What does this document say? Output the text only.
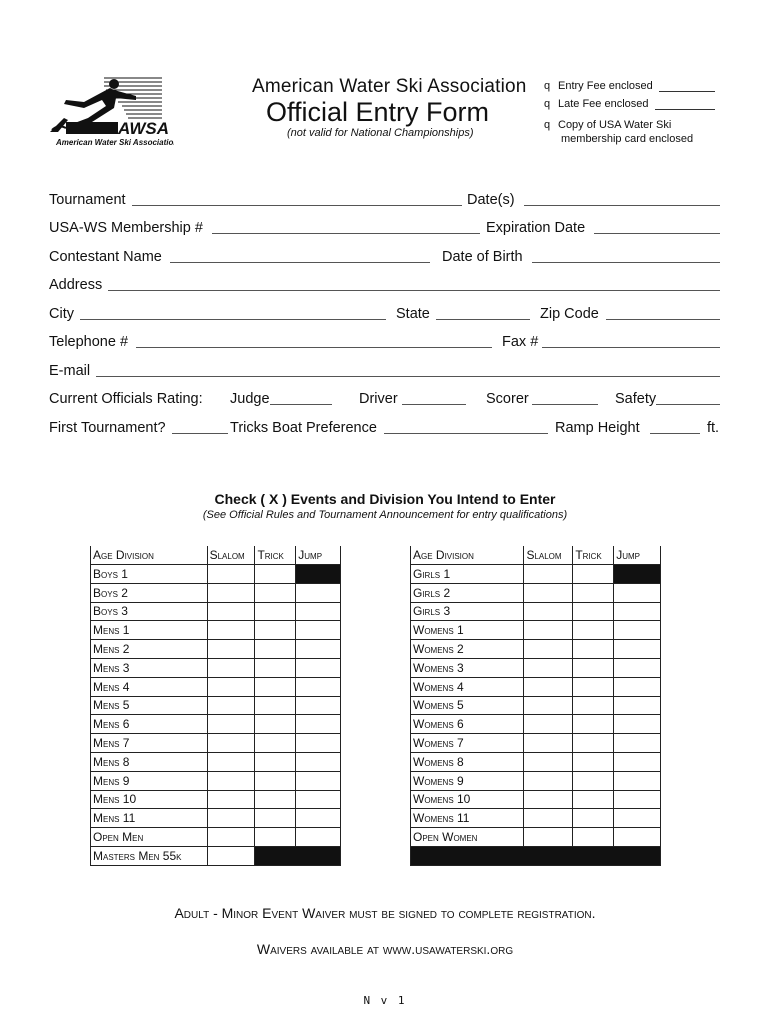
AWSA
American Water Ski Association
American Water Ski Association
Official Entry Form
(not valid for National Championships)
q Entry Fee enclosed
q Late Fee enclosed
q Copy of USA Water Ski
membership card enclosed
Tournament	Date(s)
USA-WS Membership #	Expiration Date
Contestant Name	Date of Birth
Address
City	State	Zip Code
Telephone #	Fax #
E-mail
Current Officials Rating: Judge	Driver	Scorer	Safety
First Tournament?	Tricks Boat Preference	Ramp Height	ft.
Check ( X ) Events and Division You Intend to Enter
(See Official Rules and Tournament Announcement for entry qualifications)
Age Division	Slalom	Trick	Jump
Boys 1			
Boys 2			
Boys 3			
Mens 1			
Mens 2			
Mens 3			
Mens 4			
Mens 5			
Mens 6			
Mens 7			
Mens 8			
Mens 9			
Mens 10			
Mens 11			
Open Men			
Masters Men 55k			
Age Division	Slalom	Trick	Jump
Girls 1			
Girls 2			
Girls 3			
Womens 1			
Womens 2			
Womens 3			
Womens 4			
Womens 5			
Womens 6			
Womens 7			
Womens 8			
Womens 9			
Womens 10			
Womens 11			
Open Women			

Adult - Minor Event Waiver must be signed to complete registration.
Waivers available at www.usawaterski.org
N v 1
